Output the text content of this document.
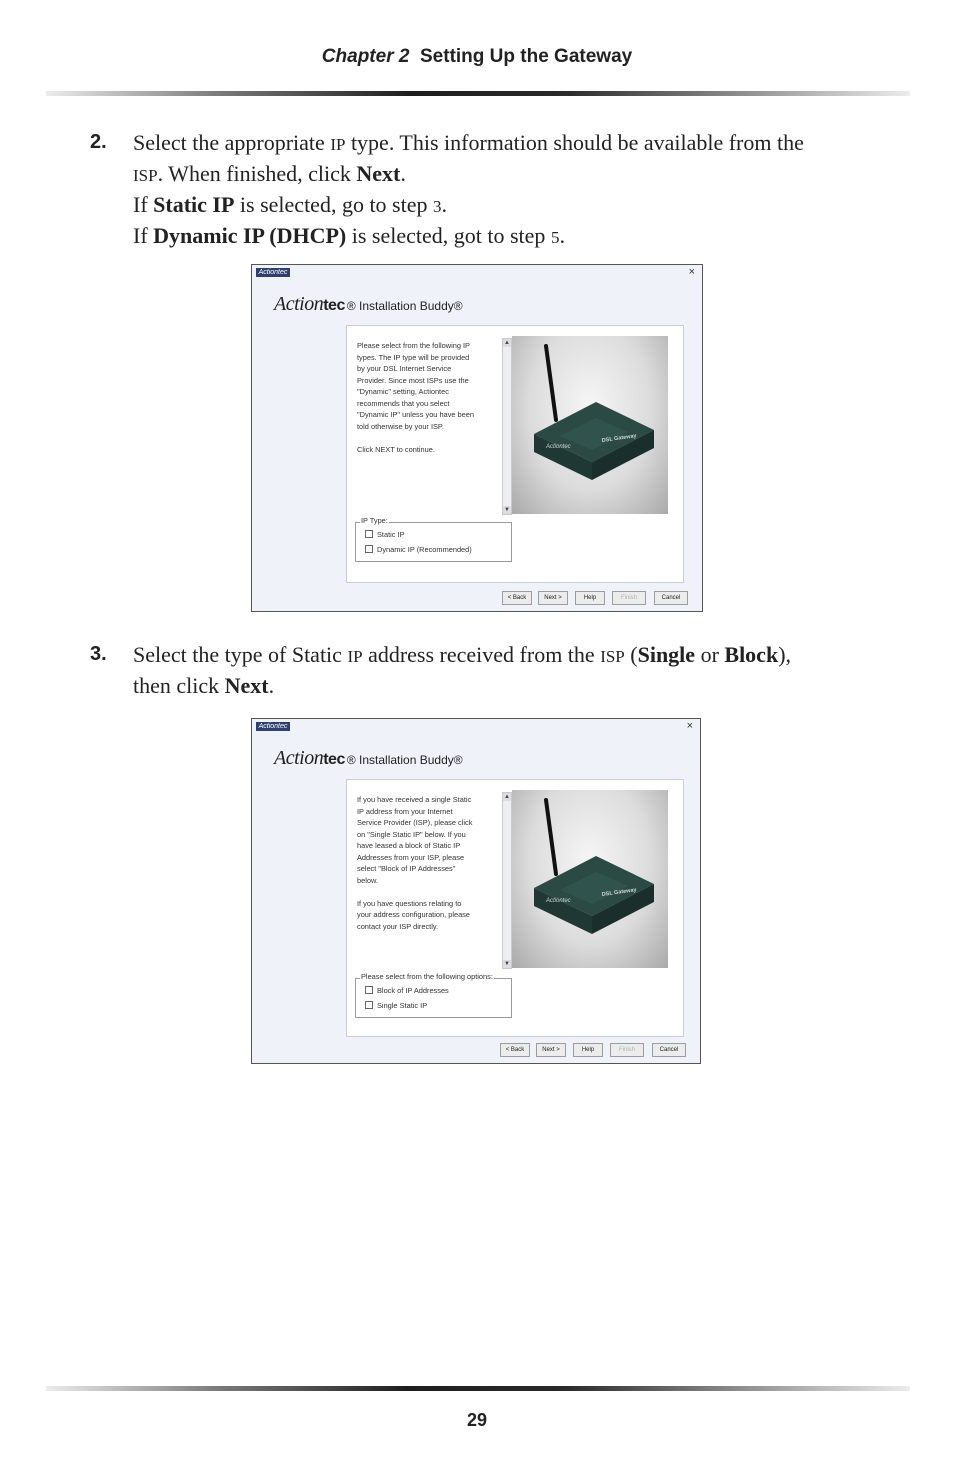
Chapter 2 Setting Up the Gateway
2. Select the appropriate IP type. This information should be available from the
ISP. When finished, click Next.
If Static IP is selected, go to step 3.
If Dynamic IP (DHCP) is selected, got to step 5.
Actiontec	×
Actiontec ® Installation Buddy®
Please select from the following IP
types. The IP type will be provided
by your DSL Internet Service
Provider. Since most ISPs use the
"Dynamic" setting, Actiontec
recommends that you select
"Dynamic IP" unless you have been
told otherwise by your ISP.

Click NEXT to continue.
▲
▼
Actiontec
DSL Gateway
IP Type:
Static IP
Dynamic IP (Recommended)
< Back	Next >	Help	Finish	Cancel
3. Select the type of Static IP address received from the ISP (Single or Block),
then click Next.
Actiontec	×
Actiontec ® Installation Buddy®
If you have received a single Static
IP address from your Internet
Service Provider (ISP), please click
on "Single Static IP" below. If you
have leased a block of Static IP
Addresses from your ISP, please
select "Block of IP Addresses"
below.

If you have questions relating to
your address configuration, please
contact your ISP directly.
▲
▼
Actiontec
DSL Gateway
Please select from the following options:
Block of IP Addresses
Single Static IP
< Back	Next >	Help	Finish	Cancel
29
